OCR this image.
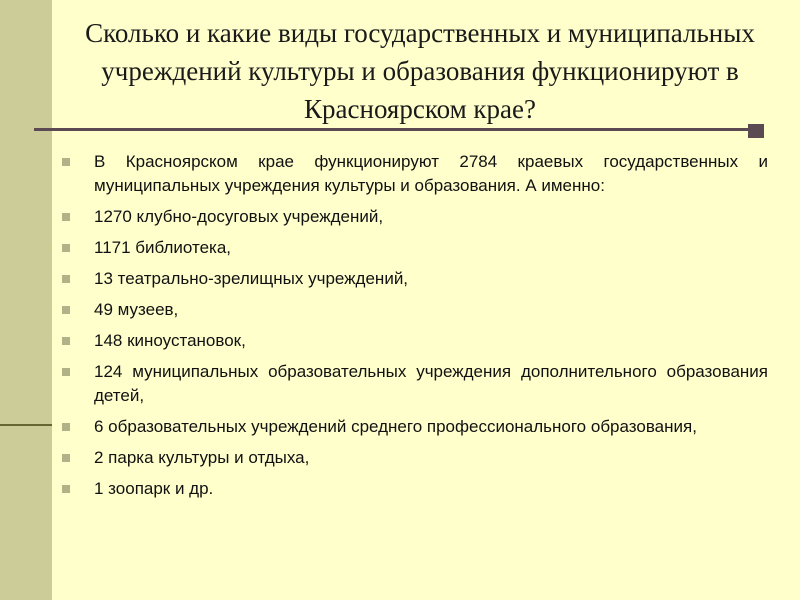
Сколько и какие виды государственных и муниципальных учреждений культуры и образования функционируют в Красноярском крае?
В Красноярском крае функционируют 2784 краевых государственных и муниципальных учреждения культуры и образования. А именно:
1270 клубно-досуговых учреждений,
1171 библиотека,
13 театрально-зрелищных учреждений,
49 музеев,
148 киноустановок,
124 муниципальных образовательных учреждения дополнительного образования детей,
6 образовательных учреждений среднего профессионального образования,
2 парка культуры и отдыха,
1 зоопарк и др.
